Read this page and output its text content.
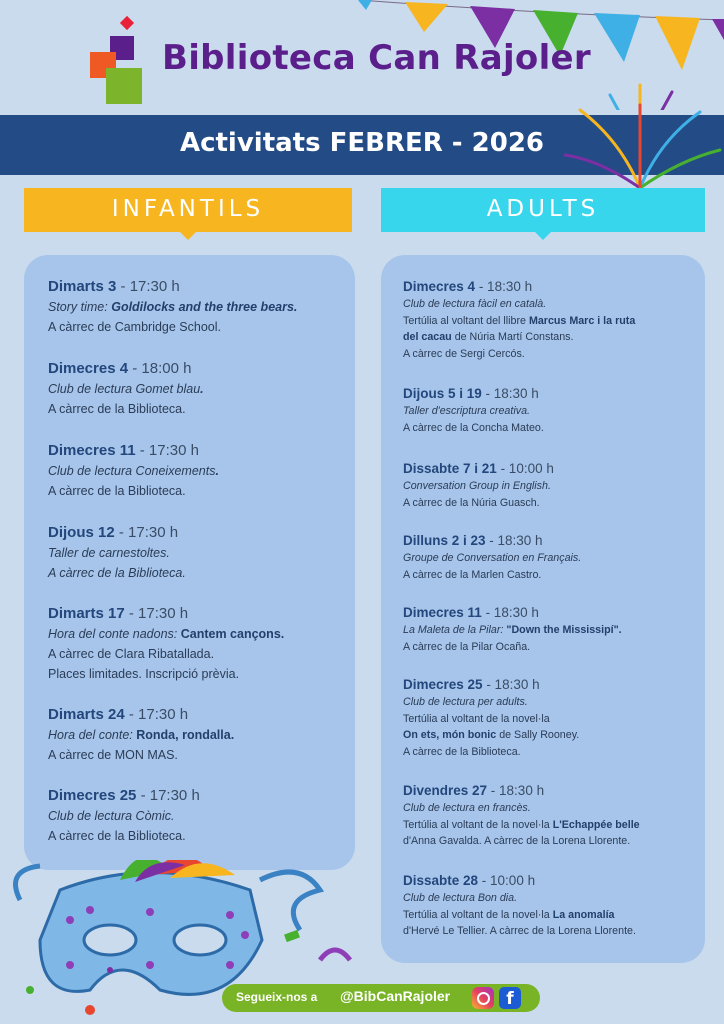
Biblioteca Can Rajoler
Activitats FEBRER - 2026
INFANTILS	ADULTS
Dimarts 3 - 17:30 h
Story time: Goldilocks and the three bears.
A càrrec de Cambridge School.
Dimecres 4 - 18:00 h
Club de lectura Gomet blau.
A càrrec de la Biblioteca.
Dimecres 11 - 17:30 h
Club de lectura Coneixements.
A càrrec de la Biblioteca.
Dijous 12 - 17:30 h
Taller de carnestoltes.
A càrrec de la Biblioteca.
Dimarts 17 - 17:30 h
Hora del conte nadons: Cantem cançons.
A càrrec de Clara Ribatallada.
Places limitades. Inscripció prèvia.
Dimarts 24 - 17:30 h
Hora del conte: Ronda, rondalla.
A càrrec de MON MAS.
Dimecres 25 - 17:30 h
Club de lectura Còmic.
A càrrec de la Biblioteca.
Dimecres 4 - 18:30 h
Club de lectura fàcil en català.
Tertúlia al voltant del llibre Marcus Marc i la ruta
del cacau de Núria Martí Constans.
A càrrec de Sergi Cercós.
Dijous 5 i 19 - 18:30 h
Taller d'escriptura creativa.
A càrrec de la Concha Mateo.
Dissabte 7 i 21 - 10:00 h
Conversation Group in English.
A càrrec de la Núria Guasch.
Dilluns 2 i 23 - 18:30 h
Groupe de Conversation en Français.
A càrrec de la Marlen Castro.
Dimecres 11 - 18:30 h
La Maleta de la Pilar: "Down the Mississipí".
A càrrec de la Pilar Ocaña.
Dimecres 25 - 18:30 h
Club de lectura per adults.
Tertúlia al voltant de la novel·la
On ets, món bonic de Sally Rooney.
A càrrec de la Biblioteca.
Divendres 27 - 18:30 h
Club de lectura en francès.
Tertúlia al voltant de la novel·la L'Echappée belle
d'Anna Gavalda. A càrrec de la Lorena Llorente.
Dissabte 28 - 10:00 h
Club de lectura Bon dia.
Tertúlia al voltant de la novel·la La anomalía
d'Hervé Le Tellier. A càrrec de la Lorena Llorente.
Segueix-nos a @BibCanRajoler	f
